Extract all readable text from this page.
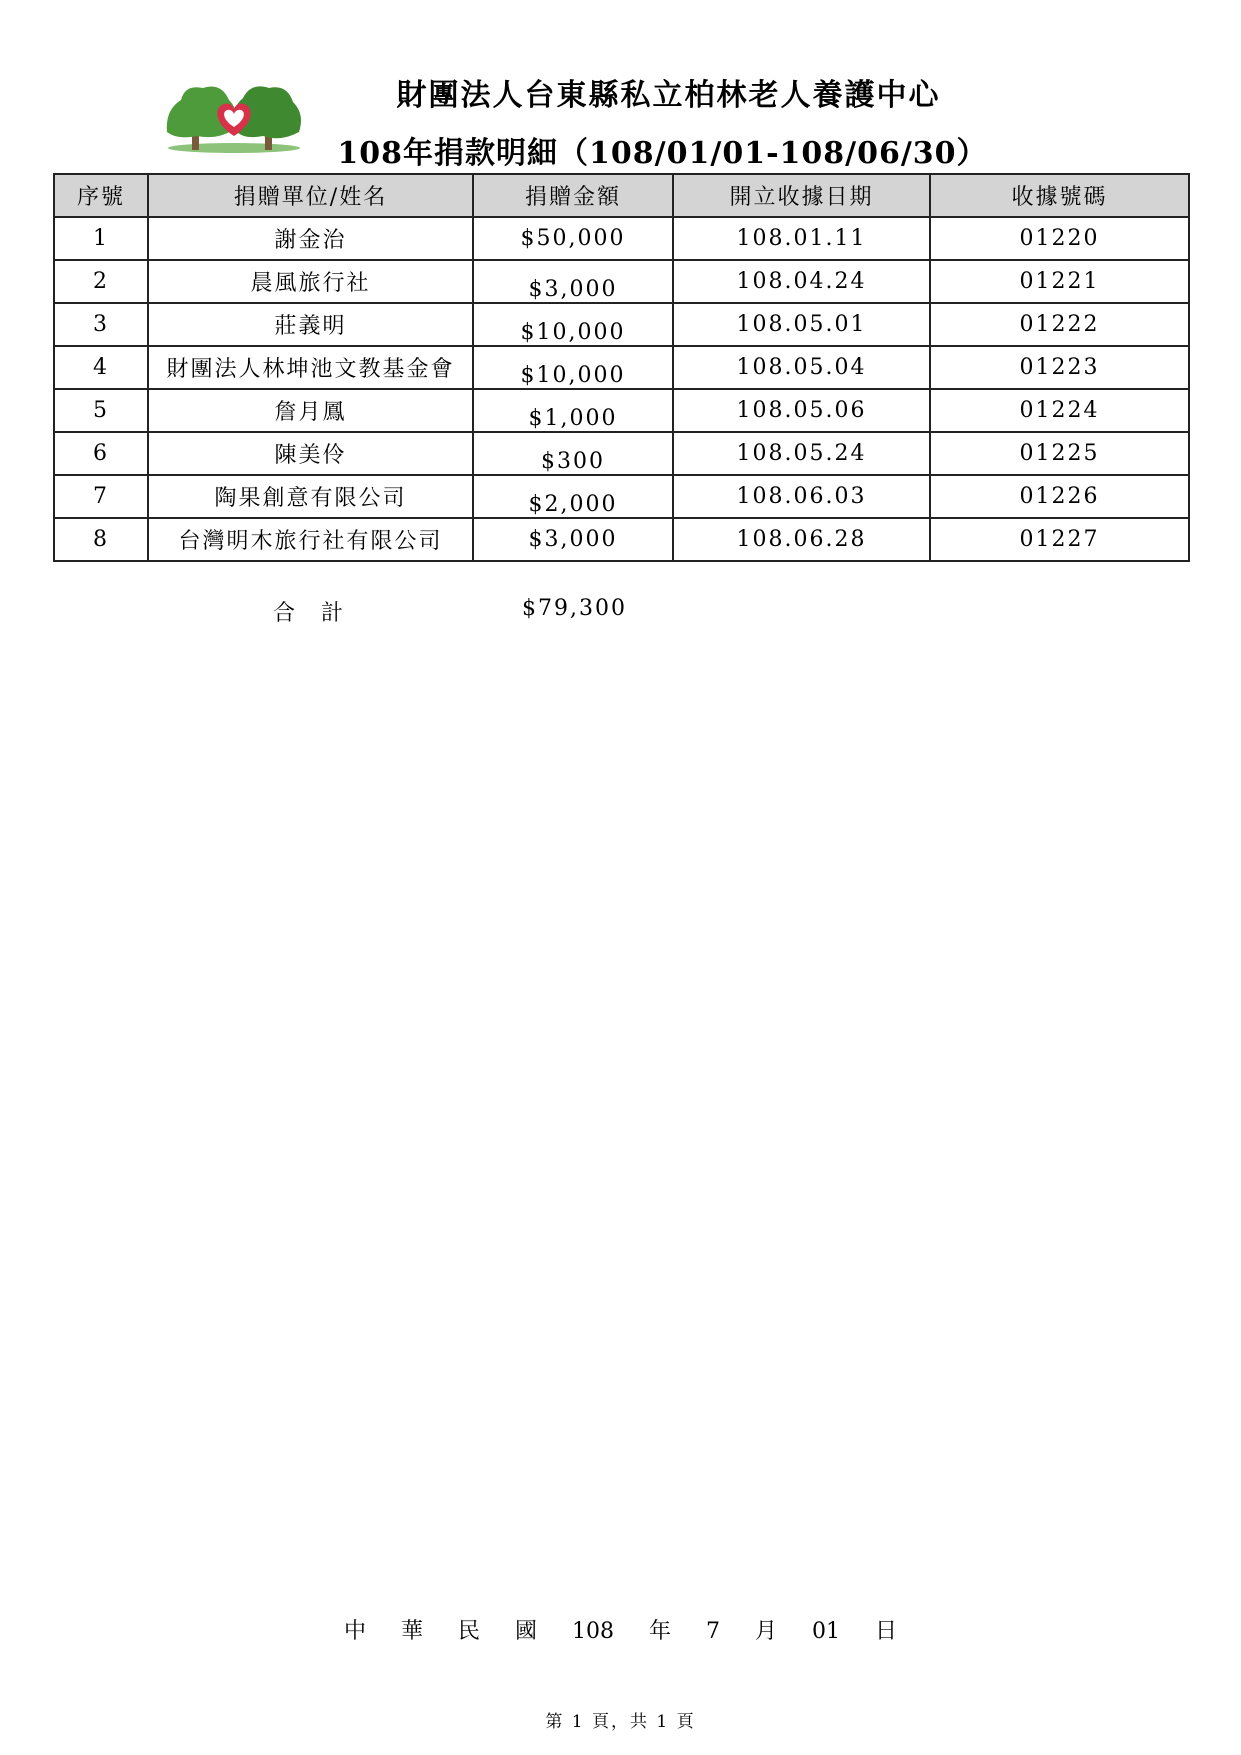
財團法人台東縣私立柏林老人養護中心
108年捐款明細（108/01/01-108/06/30）
序號	捐贈單位/姓名	捐贈金額	開立收據日期	收據號碼
1	謝金治	$50,000	108.01.11	01220
2	晨風旅行社	$3,000	108.04.24	01221
3	莊義明	$10,000	108.05.01	01222
4	財團法人林坤池文教基金會	$10,000	108.05.04	01223
5	詹月鳳	$1,000	108.05.06	01224
6	陳美伶	$300	108.05.24	01225
7	陶果創意有限公司	$2,000	108.06.03	01226
8	台灣明木旅行社有限公司	$3,000	108.06.28	01227
合　計	$79,300
中 華 民 國 108 年 7 月 01 日
第 1 頁，共 1 頁
